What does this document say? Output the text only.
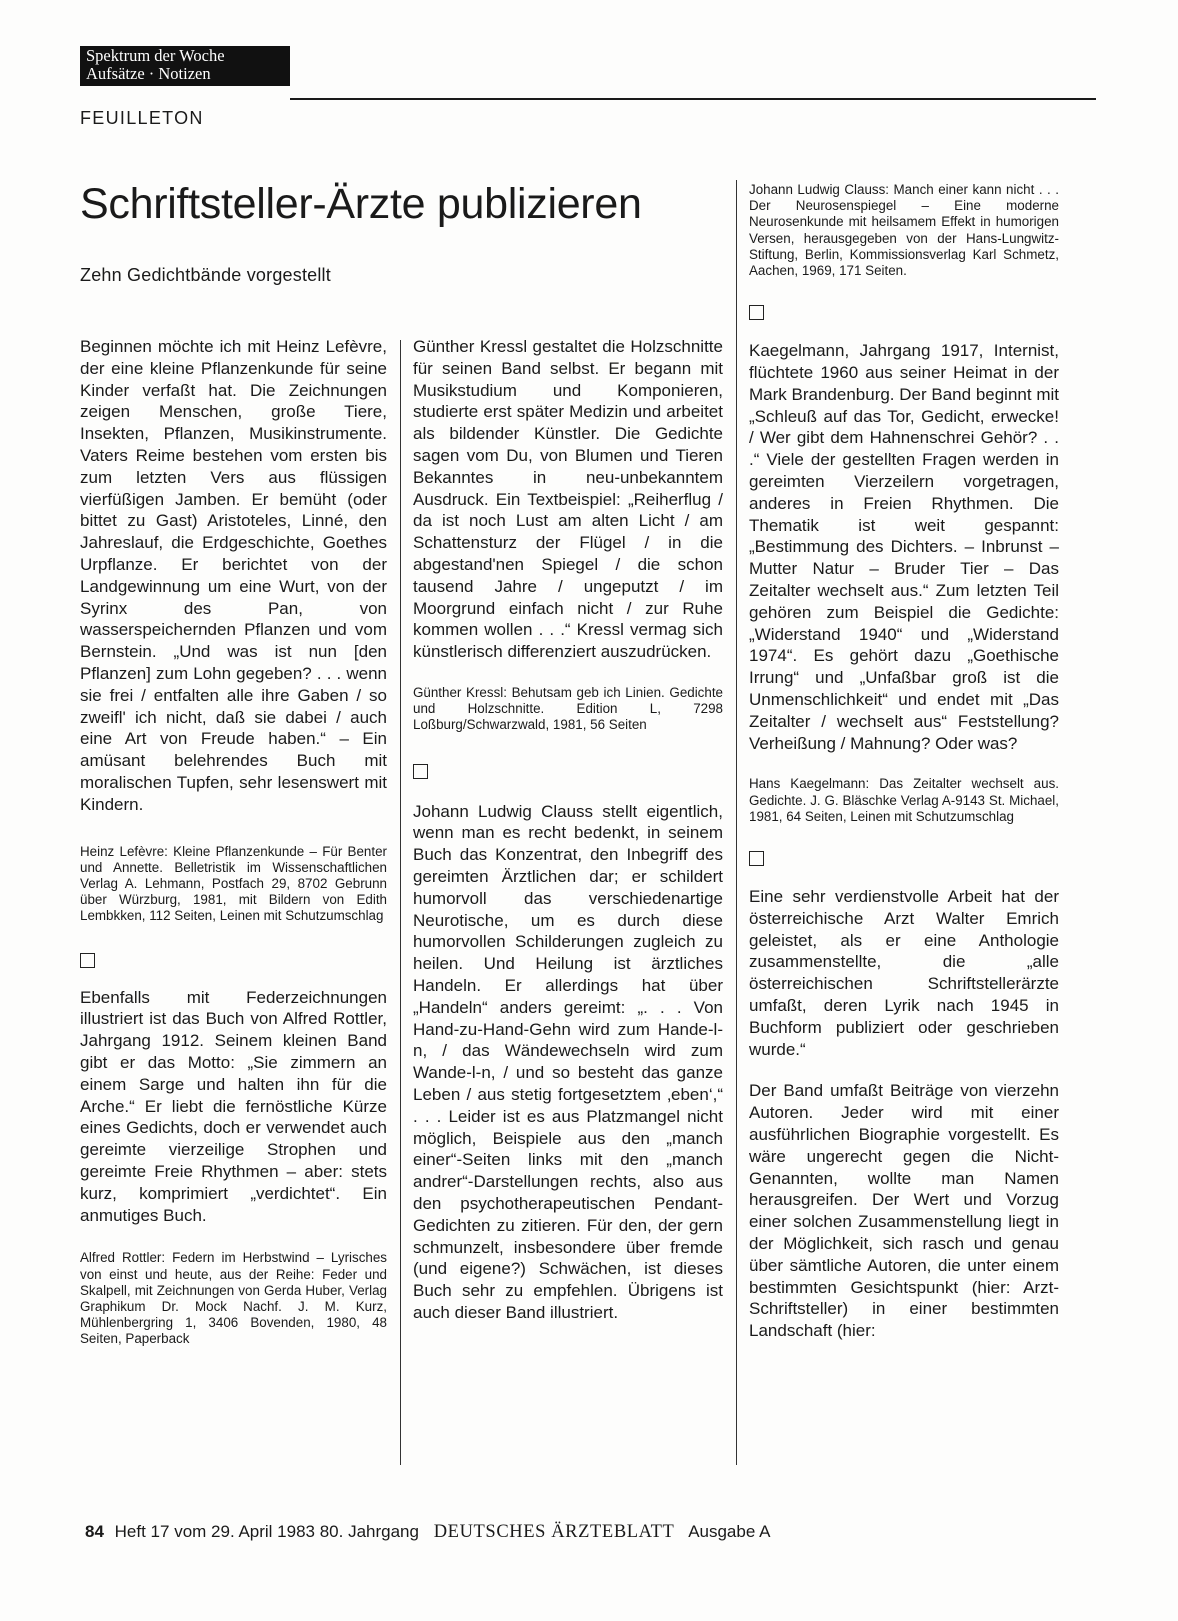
Spektrum der Woche
Aufsätze · Notizen
FEUILLETON
Schriftsteller-Ärzte publizieren
Zehn Gedichtbände vorgestellt

Beginnen möchte ich mit Heinz Lefèvre, der eine kleine Pflanzenkunde für seine Kinder verfaßt hat. Die Zeichnungen zeigen Menschen, große Tiere, Insekten, Pflanzen, Musikinstrumente. Vaters Reime bestehen vom ersten bis zum letzten Vers aus flüssigen vierfüßigen Jamben. Er bemüht (oder bittet zu Gast) Aristoteles, Linné, den Jahreslauf, die Erdgeschichte, Goethes Urpflanze. Er berichtet von der Landgewinnung um eine Wurt, von der Syrinx des Pan, von wasserspeichernden Pflanzen und vom Bernstein. „Und was ist nun [den Pflanzen] zum Lohn gegeben? . . . wenn sie frei / entfalten alle ihre Gaben / so zweifl' ich nicht, daß sie dabei / auch eine Art von Freude haben.“ – Ein amüsant belehrendes Buch mit moralischen Tupfen, sehr lesenswert mit Kindern.

Heinz Lefèvre: Kleine Pflanzenkunde – Für Benter und Annette. Belletristik im Wissenschaftlichen Verlag A. Lehmann, Postfach 29, 8702 Gebrunn über Würzburg, 1981, mit Bildern von Edith Lembkken, 112 Seiten, Leinen mit Schutzumschlag

Ebenfalls mit Federzeichnungen illustriert ist das Buch von Alfred Rottler, Jahrgang 1912. Seinem kleinen Band gibt er das Motto: „Sie zimmern an einem Sarge und halten ihn für die Arche.“ Er liebt die fernöstliche Kürze eines Gedichts, doch er verwendet auch gereimte vierzeilige Strophen und gereimte Freie Rhythmen – aber: stets kurz, komprimiert „verdichtet“. Ein anmutiges Buch.

Alfred Rottler: Federn im Herbstwind – Lyrisches von einst und heute, aus der Reihe: Feder und Skalpell, mit Zeichnungen von Gerda Huber, Verlag Graphikum Dr. Mock Nachf. J. M. Kurz, Mühlenbergring 1, 3406 Bovenden, 1980, 48 Seiten, Paperback

Günther Kressl gestaltet die Holzschnitte für seinen Band selbst. Er begann mit Musikstudium und Komponieren, studierte erst später Medizin und arbeitet als bildender Künstler. Die Gedichte sagen vom Du, von Blumen und Tieren Bekanntes in neu-unbekanntem Ausdruck. Ein Textbeispiel: „Reiherflug / da ist noch Lust am alten Licht / am Schattensturz der Flügel / in die abgestand'nen Spiegel / die schon tausend Jahre / ungeputzt / im Moorgrund einfach nicht / zur Ruhe kommen wollen . . .“ Kressl vermag sich künstlerisch differenziert auszudrücken.

Günther Kressl: Behutsam geb ich Linien. Gedichte und Holzschnitte. Edition L, 7298 Loßburg/Schwarzwald, 1981, 56 Seiten

Johann Ludwig Clauss stellt eigentlich, wenn man es recht bedenkt, in seinem Buch das Konzentrat, den Inbegriff des gereimten Ärztlichen dar; er schildert humorvoll das verschiedenartige Neurotische, um es durch diese humorvollen Schilderungen zugleich zu heilen. Und Heilung ist ärztliches Handeln. Er allerdings hat über „Handeln“ anders gereimt: „. . . Von Hand-zu-Hand-Gehn wird zum Hande-l-n, / das Wändewechseln wird zum Wande-l-n, / und so besteht das ganze Leben / aus stetig fortgesetztem ‚eben‘,“ . . . Leider ist es aus Platzmangel nicht möglich, Beispiele aus den „manch einer“-Seiten links mit den „manch andrer“-Darstellungen rechts, also aus den psychotherapeutischen Pendant-Gedichten zu zitieren. Für den, der gern schmunzelt, insbesondere über fremde (und eigene?) Schwächen, ist dieses Buch sehr zu empfehlen. Übrigens ist auch dieser Band illustriert.

Johann Ludwig Clauss: Manch einer kann nicht . . . Der Neurosenspiegel – Eine moderne Neurosenkunde mit heilsamem Effekt in humorigen Versen, herausgegeben von der Hans-Lungwitz-Stiftung, Berlin, Kommissionsverlag Karl Schmetz, Aachen, 1969, 171 Seiten.

Kaegelmann, Jahrgang 1917, Internist, flüchtete 1960 aus seiner Heimat in der Mark Brandenburg. Der Band beginnt mit „Schleuß auf das Tor, Gedicht, erwecke! / Wer gibt dem Hahnenschrei Gehör? . . .“ Viele der gestellten Fragen werden in gereimten Vierzeilern vorgetragen, anderes in Freien Rhythmen. Die Thematik ist weit gespannt: „Bestimmung des Dichters. – Inbrunst – Mutter Natur – Bruder Tier – Das Zeitalter wechselt aus.“ Zum letzten Teil gehören zum Beispiel die Gedichte: „Widerstand 1940“ und „Widerstand 1974“. Es gehört dazu „Goethische Irrung“ und „Unfaßbar groß ist die Unmenschlichkeit“ und endet mit „Das Zeitalter / wechselt aus“ Feststellung? Verheißung / Mahnung? Oder was?

Hans Kaegelmann: Das Zeitalter wechselt aus. Gedichte. J. G. Bläschke Verlag A-9143 St. Michael, 1981, 64 Seiten, Leinen mit Schutzumschlag

Eine sehr verdienstvolle Arbeit hat der österreichische Arzt Walter Emrich geleistet, als er eine Anthologie zusammenstellte, die „alle österreichischen Schriftstellerärzte umfaßt, deren Lyrik nach 1945 in Buchform publiziert oder geschrieben wurde.“

Der Band umfaßt Beiträge von vierzehn Autoren. Jeder wird mit einer ausführlichen Biographie vorgestellt. Es wäre ungerecht gegen die Nicht-Genannten, wollte man Namen herausgreifen. Der Wert und Vorzug einer solchen Zusammenstellung liegt in der Möglichkeit, sich rasch und genau über sämtliche Autoren, die unter einem bestimmten Gesichtspunkt (hier: Arzt-Schriftsteller) in einer bestimmten Landschaft (hier:

84 Heft 17 vom 29. April 1983 80. Jahrgang DEUTSCHES ÄRZTEBLATT Ausgabe A
